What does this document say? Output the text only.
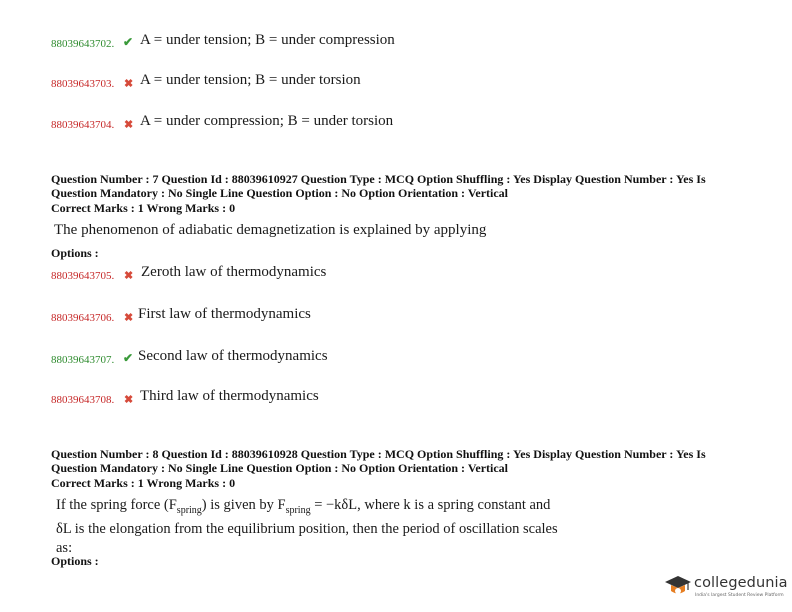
88039643702. ✔ A = under tension; B = under compression
88039643703. ✖ A = under tension; B = under torsion
88039643704. ✖ A = under compression; B = under torsion
Question Number : 7 Question Id : 88039610927 Question Type : MCQ Option Shuffling : Yes Display Question Number : Yes Is
Question Mandatory : No Single Line Question Option : No Option Orientation : Vertical
Correct Marks : 1 Wrong Marks : 0
The phenomenon of adiabatic demagnetization is explained by applying
Options :
88039643705. ✖ Zeroth law of thermodynamics
88039643706. ✖ First law of thermodynamics
88039643707. ✔ Second law of thermodynamics
88039643708. ✖ Third law of thermodynamics
Question Number : 8 Question Id : 88039610928 Question Type : MCQ Option Shuffling : Yes Display Question Number : Yes Is
Question Mandatory : No Single Line Question Option : No Option Orientation : Vertical
Correct Marks : 1 Wrong Marks : 0
If the spring force $(F_{spring})$ is given by $F_{spring} = -k\delta L$, where k is a spring constant and
δL is the elongation from the equilibrium position, then the period of oscillation scales
as:
Options :
collegedunia
India's largest Student Review Platform
